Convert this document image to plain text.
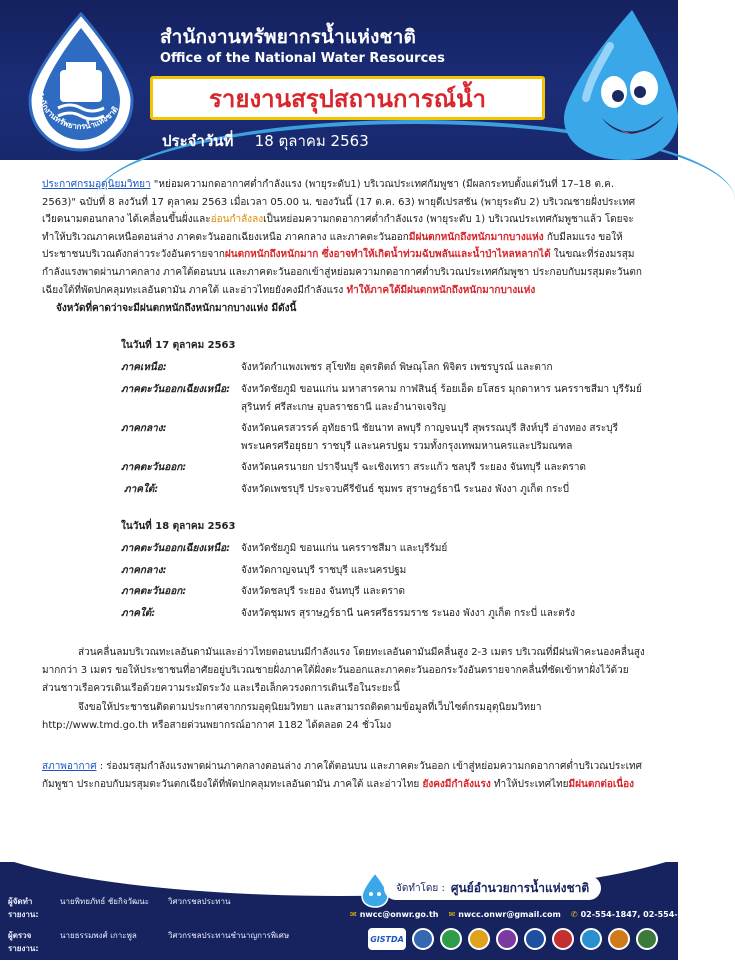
สำนักงานทรัพยากรน้ำแห่งชาติ
สำนักงานทรัพยากรน้ำแห่งชาติ
Office of the National Water Resources
รายงานสรุปสถานการณ์น้ำ
ประจำวันที่ 18 ตุลาคม 2563

ประกาศกรมอุตุนิยมวิทยา "หย่อมความกดอากาศต่ำกำลังแรง (พายุระดับ1) บริเวณประเทศกัมพูชา (มีผลกระทบตั้งแต่วันที่ 17–18 ต.ค. 2563)" ฉบับที่ 8 ลงวันที่ 17 ตุลาคม 2563 เมื่อเวลา 05.00 น. ของวันนี้ (17 ต.ค. 63) พายุดีเปรสชัน (พายุระดับ 2) บริเวณชายฝั่งประเทศเวียดนามตอนกลาง ได้เคลื่อนขึ้นฝั่งและอ่อนกำลังลงเป็นหย่อมความกดอากาศต่ำกำลังแรง (พายุระดับ 1) บริเวณประเทศกัมพูชาแล้ว โดยจะทำให้บริเวณภาคเหนือตอนล่าง ภาคตะวันออกเฉียงเหนือ ภาคกลาง และภาคตะวันออกมีฝนตกหนักถึงหนักมากบางแห่ง กับมีลมแรง ขอให้ประชาชนบริเวณดังกล่าวระวังอันตรายจากฝนตกหนักถึงหนักมาก ซึ่งอาจทำให้เกิดน้ำท่วมฉับพลันและน้ำป่าไหลหลากได้ ในขณะที่ร่องมรสุมกำลังแรงพาดผ่านภาคกลาง ภาคใต้ตอนบน และภาคตะวันออกเข้าสู่หย่อมความกดอากาศต่ำบริเวณประเทศกัมพูชา ประกอบกับมรสุมตะวันตกเฉียงใต้ที่พัดปกคลุมทะเลอันดามัน ภาคใต้ และอ่าวไทยยังคงมีกำลังแรง ทำให้ภาคใต้มีฝนตกหนักถึงหนักมากบางแห่ง

จังหวัดที่คาดว่าจะมีฝนตกหนักถึงหนักมากบางแห่ง มีดังนี้

ในวันที่ 17 ตุลาคม 2563
ภาคเหนือ:	จังหวัดกำแพงเพชร สุโขทัย อุตรดิตถ์ พิษณุโลก พิจิตร เพชรบูรณ์ และตาก
ภาคตะวันออกเฉียงเหนือ:	จังหวัดชัยภูมิ ขอนแก่น มหาสารคาม กาฬสินธุ์ ร้อยเอ็ด ยโสธร มุกดาหาร นครราชสีมา บุรีรัมย์ สุรินทร์ ศรีสะเกษ อุบลราชธานี และอำนาจเจริญ
ภาคกลาง:	จังหวัดนครสวรรค์ อุทัยธานี ชัยนาท ลพบุรี กาญจนบุรี สุพรรณบุรี สิงห์บุรี อ่างทอง สระบุรี พระนครศรีอยุธยา ราชบุรี และนครปฐม รวมทั้งกรุงเทพมหานครและปริมณฑล
ภาคตะวันออก:	จังหวัดนครนายก ปราจีนบุรี ฉะเชิงเทรา สระแก้ว ชลบุรี ระยอง จันทบุรี และตราด
ภาคใต้:	จังหวัดเพชรบุรี ประจวบคีรีขันธ์ ชุมพร สุราษฎร์ธานี ระนอง พังงา ภูเก็ต กระบี่
ในวันที่ 18 ตุลาคม 2563
ภาคตะวันออกเฉียงเหนือ:	จังหวัดชัยภูมิ ขอนแก่น นครราชสีมา และบุรีรัมย์
ภาคกลาง:	จังหวัดกาญจนบุรี ราชบุรี และนครปฐม
ภาคตะวันออก:	จังหวัดชลบุรี ระยอง จันทบุรี และตราด
ภาคใต้:	จังหวัดชุมพร สุราษฎร์ธานี นครศรีธรรมราช ระนอง พังงา ภูเก็ต กระบี่ และตรัง

ส่วนคลื่นลมบริเวณทะเลอันดามันและอ่าวไทยตอนบนมีกำลังแรง โดยทะเลอันดามันมีคลื่นสูง 2-3 เมตร บริเวณที่มีฝนฟ้าคะนองคลื่นสูงมากกว่า 3 เมตร ขอให้ประชาชนที่อาศัยอยู่บริเวณชายฝั่งภาคใต้ฝั่งตะวันออกและภาคตะวันออกระวังอันตรายจากคลื่นที่ซัดเข้าหาฝั่งไว้ด้วย ส่วนชาวเรือควรเดินเรือด้วยความระมัดระวัง และเรือเล็กควรงดการเดินเรือในระยะนี้

จึงขอให้ประชาชนติดตามประกาศจากกรมอุตุนิยมวิทยา และสามารถติดตามข้อมูลที่เว็บไซต์กรมอุตุนิยมวิทยา http://www.tmd.go.th หรือสายด่วนพยากรณ์อากาศ 1182 ได้ตลอด 24 ชั่วโมง

สภาพอากาศ : ร่องมรสุมกำลังแรงพาดผ่านภาคกลางตอนล่าง ภาคใต้ตอนบน และภาคตะวันออก เข้าสู่หย่อมความกดอากาศต่ำบริเวณประเทศกัมพูชา ประกอบกับมรสุมตะวันตกเฉียงใต้ที่พัดปกคลุมทะเลอันดามัน ภาคใต้ และอ่าวไทย ยังคงมีกำลังแรง ทำให้ประเทศไทยมีฝนตกต่อเนื่อง

ผู้จัดทำรายงาน:
นายพิทยภัทธ์ ชัยกิจวัฒนะ	วิศวกรชลประทาน
ผู้ตรวจรายงาน:
นายธรรมพงศ์ เกาะพูล	วิศวกรชลประทานชำนาญการพิเศษ
จัดทำโดย : ศูนย์อำนวยการน้ำแห่งชาติ
✉ nwcc@onwr.go.th ✉ nwcc.onwr@gmail.com ✆ 02-554-1847, 02-554-1800
GISTDA
